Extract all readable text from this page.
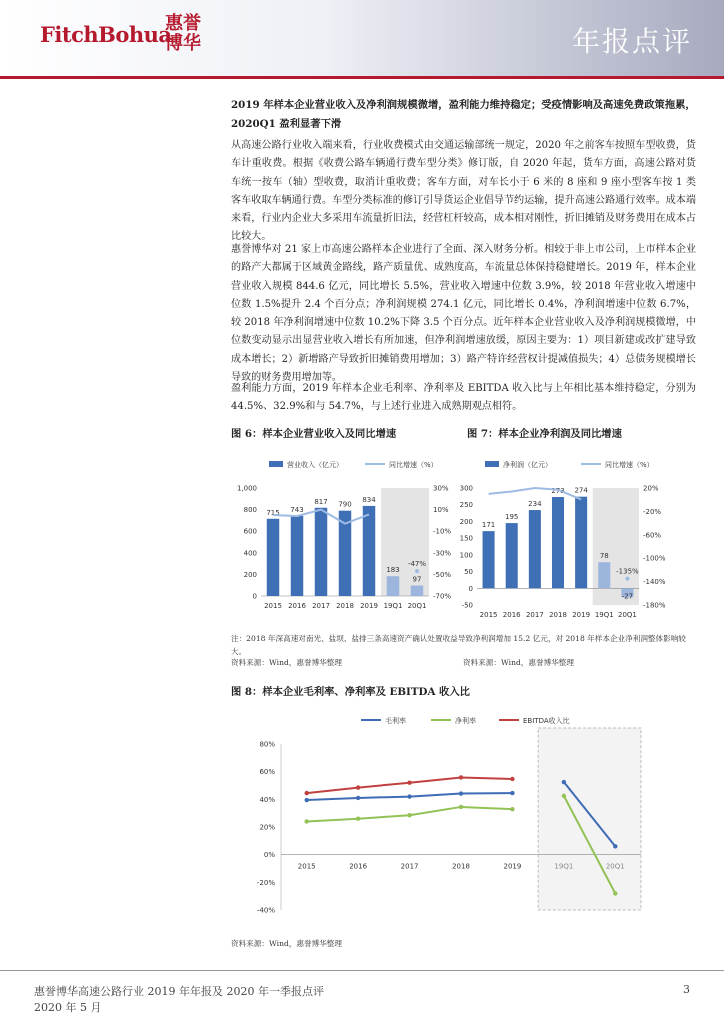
FitchBohua
惠誉
博华	年报点评
2019 年样本企业营业收入及净利润规模微增，盈利能力维持稳定；受疫情影响及高速免费政策拖累，2020Q1 盈利显著下滑
从高速公路行业收入端来看，行业收费模式由交通运输部统一规定，2020 年之前客车按照车型收费，货车计重收费。根据《收费公路车辆通行费车型分类》修订版，自 2020 年起，货车方面，高速公路对货车统一按车（轴）型收费，取消计重收费；客车方面，对车长小于 6 米的 8 座和 9 座小型客车按 1 类客车收取车辆通行费。车型分类标准的修订引导货运企业倡导节约运输，提升高速公路通行效率。成本端来看，行业内企业大多采用车流量折旧法，经营杠杆较高，成本相对刚性，折旧摊销及财务费用在成本占比较大。
惠誉博华对 21 家上市高速公路样本企业进行了全面、深入财务分析。相较于非上市公司，上市样本企业的路产大都属于区域黄金路线，路产质量优、成熟度高，车流量总体保持稳健增长。2019 年，样本企业营业收入规模 844.6 亿元，同比增长 5.5%，营业收入增速中位数 3.9%，较 2018 年营业收入增速中位数 1.5%提升 2.4 个百分点；净利润规模 274.1 亿元，同比增长 0.4%，净利润增速中位数 6.7%，较 2018 年净利润增速中位数 10.2%下降 3.5 个百分点。近年样本企业营业收入及净利润规模微增，中位数变动显示出显营业收入增长有所加速，但净利润增速放缓，原因主要为：1）项目新建或改扩建导致成本增长；2）新增路产导致折旧摊销费用增加；3）路产特许经营权计提减值损失；4）总债务规模增长导致的财务费用增加等。
盈利能力方面，2019 年样本企业毛利率、净利率及 EBITDA 收入比与上年相比基本维持稳定，分别为 44.5%、32.9%和与 54.7%，与上述行业进入成熟期观点相符。
图 6：样本企业营业收入及同比增速	图 7：样本企业净利润及同比增速
营业收入（亿元）	同比增速（%）
1,000
800
600
400
200
0
30%
10%
-10%
-30%
-50%
-70%
715 743
817 790
834
183
97
-47%
2015 2016 2017 2018 2019 19Q1 20Q1
净利润（亿元）	同比增速（%）
300
250
200
150
100
50
0
-50
20%
-20%
-60%
-100%
-140%
-180%
171
195
234
273 274
78
-27
-135%
2015 2016 2017 2018 2019 19Q1 20Q1
注：2018 年深高速对南光、盐坝、盐排三条高速资产确认处置收益导致净利润增加 15.2 亿元，对 2018 年样本企业净利润整体影响较大。
资料来源：Wind，惠誉博华整理	资料来源：Wind，惠誉博华整理
图 8：样本企业毛利率、净利率及 EBITDA 收入比
毛利率	净利率	EBITDA收入比
80%
60%
40%
20%
0%
-20%
-40%
2015	2016	2017	2018	2019	19Q1	20Q1
资料来源：Wind，惠誉博华整理
惠誉博华高速公路行业 2019 年年报及 2020 年一季报点评
2020 年 5 月
3
